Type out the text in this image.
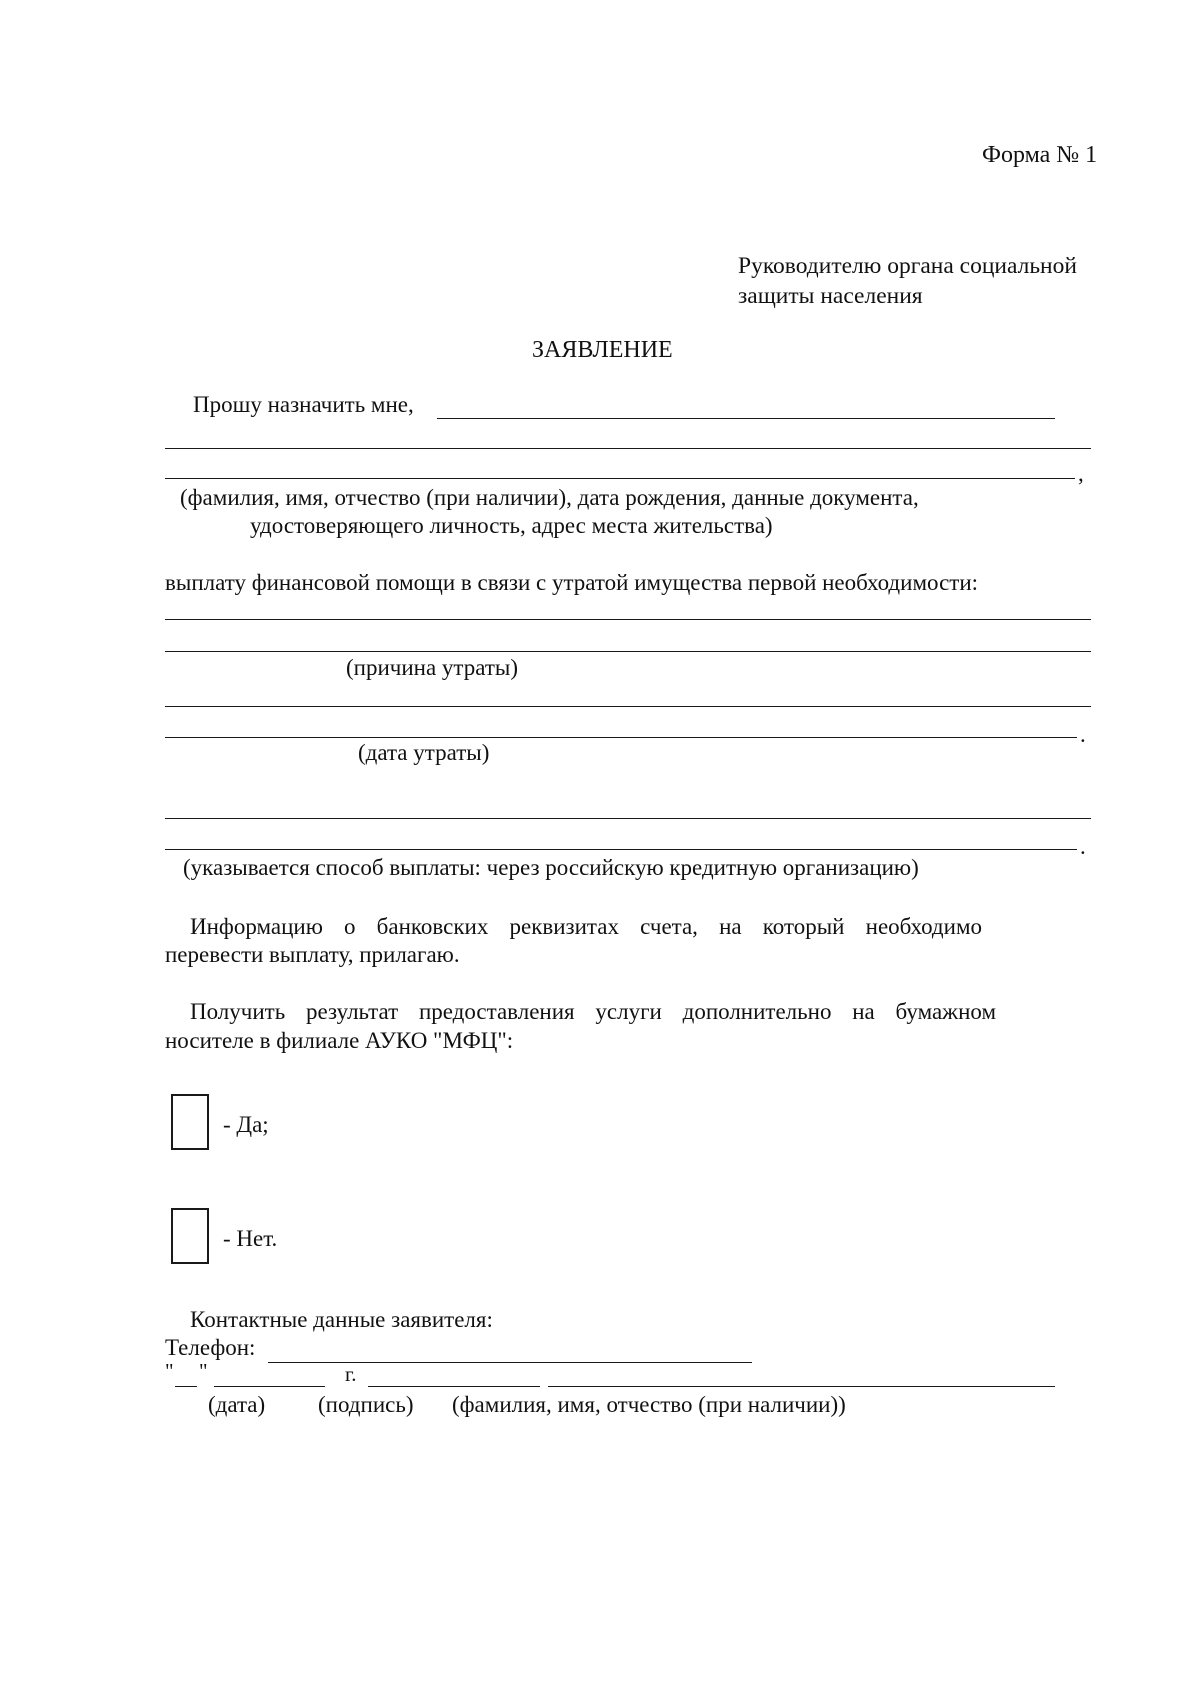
Форма № 1
Руководителю органа социальной
защиты населения
ЗАЯВЛЕНИЕ
Прошу назначить мне,
,
(фамилия, имя, отчество (при наличии), дата рождения, данные документа,
удостоверяющего личность, адрес места жительства)
выплату финансовой помощи в связи с утратой имущества первой необходимости:
(причина утраты)
.
(дата утраты)
.
(указывается способ выплаты: через российскую кредитную организацию)
Информацию о банковских реквизитах счета, на который необходимо
перевести выплату, прилагаю.
Получить результат предоставления услуги дополнительно на бумажном
носителе в филиале АУКО "МФЦ":
- Да;
- Нет.
Контактные данные заявителя:
Телефон:
" "	г.
(дата) (подпись) (фамилия, имя, отчество (при наличии))
